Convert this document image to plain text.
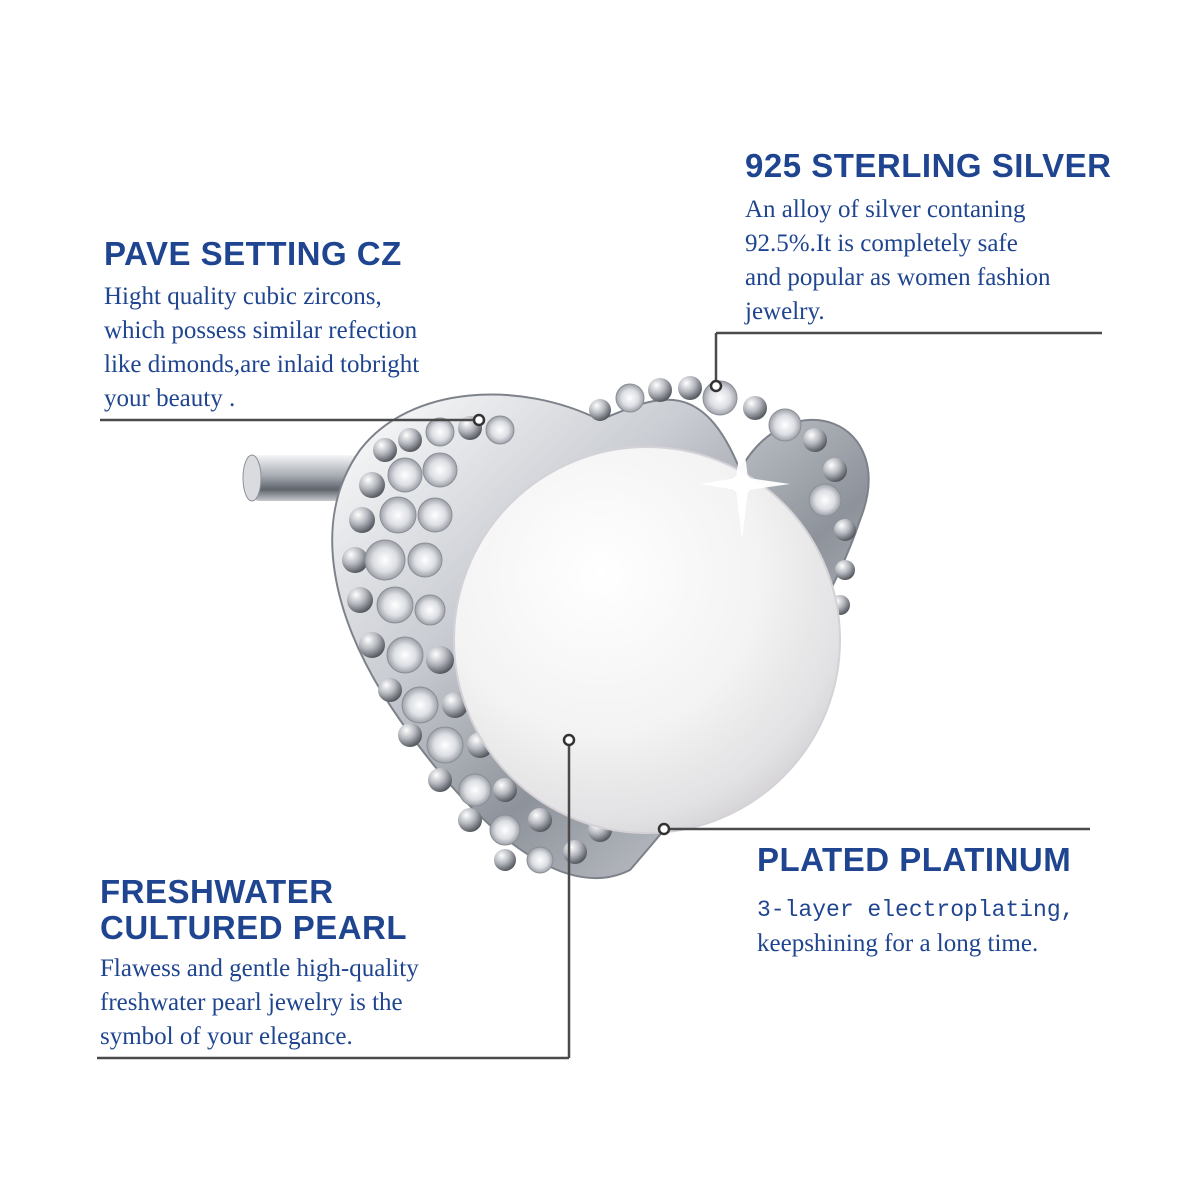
925 STERLING SILVER

An alloy of silver contaning
92.5%.It is completely safe
and popular as women fashion
jewelry.

PAVE SETTING CZ

Hight quality cubic zircons,
which possess similar refection
like dimonds,are inlaid tobright
your beauty .

FRESHWATER
CULTURED PEARL

Flawess and gentle high-quality
freshwater pearl jewelry is the
symbol of your elegance.

PLATED PLATINUM

3-layer electroplating,
keepshining for a long time.
